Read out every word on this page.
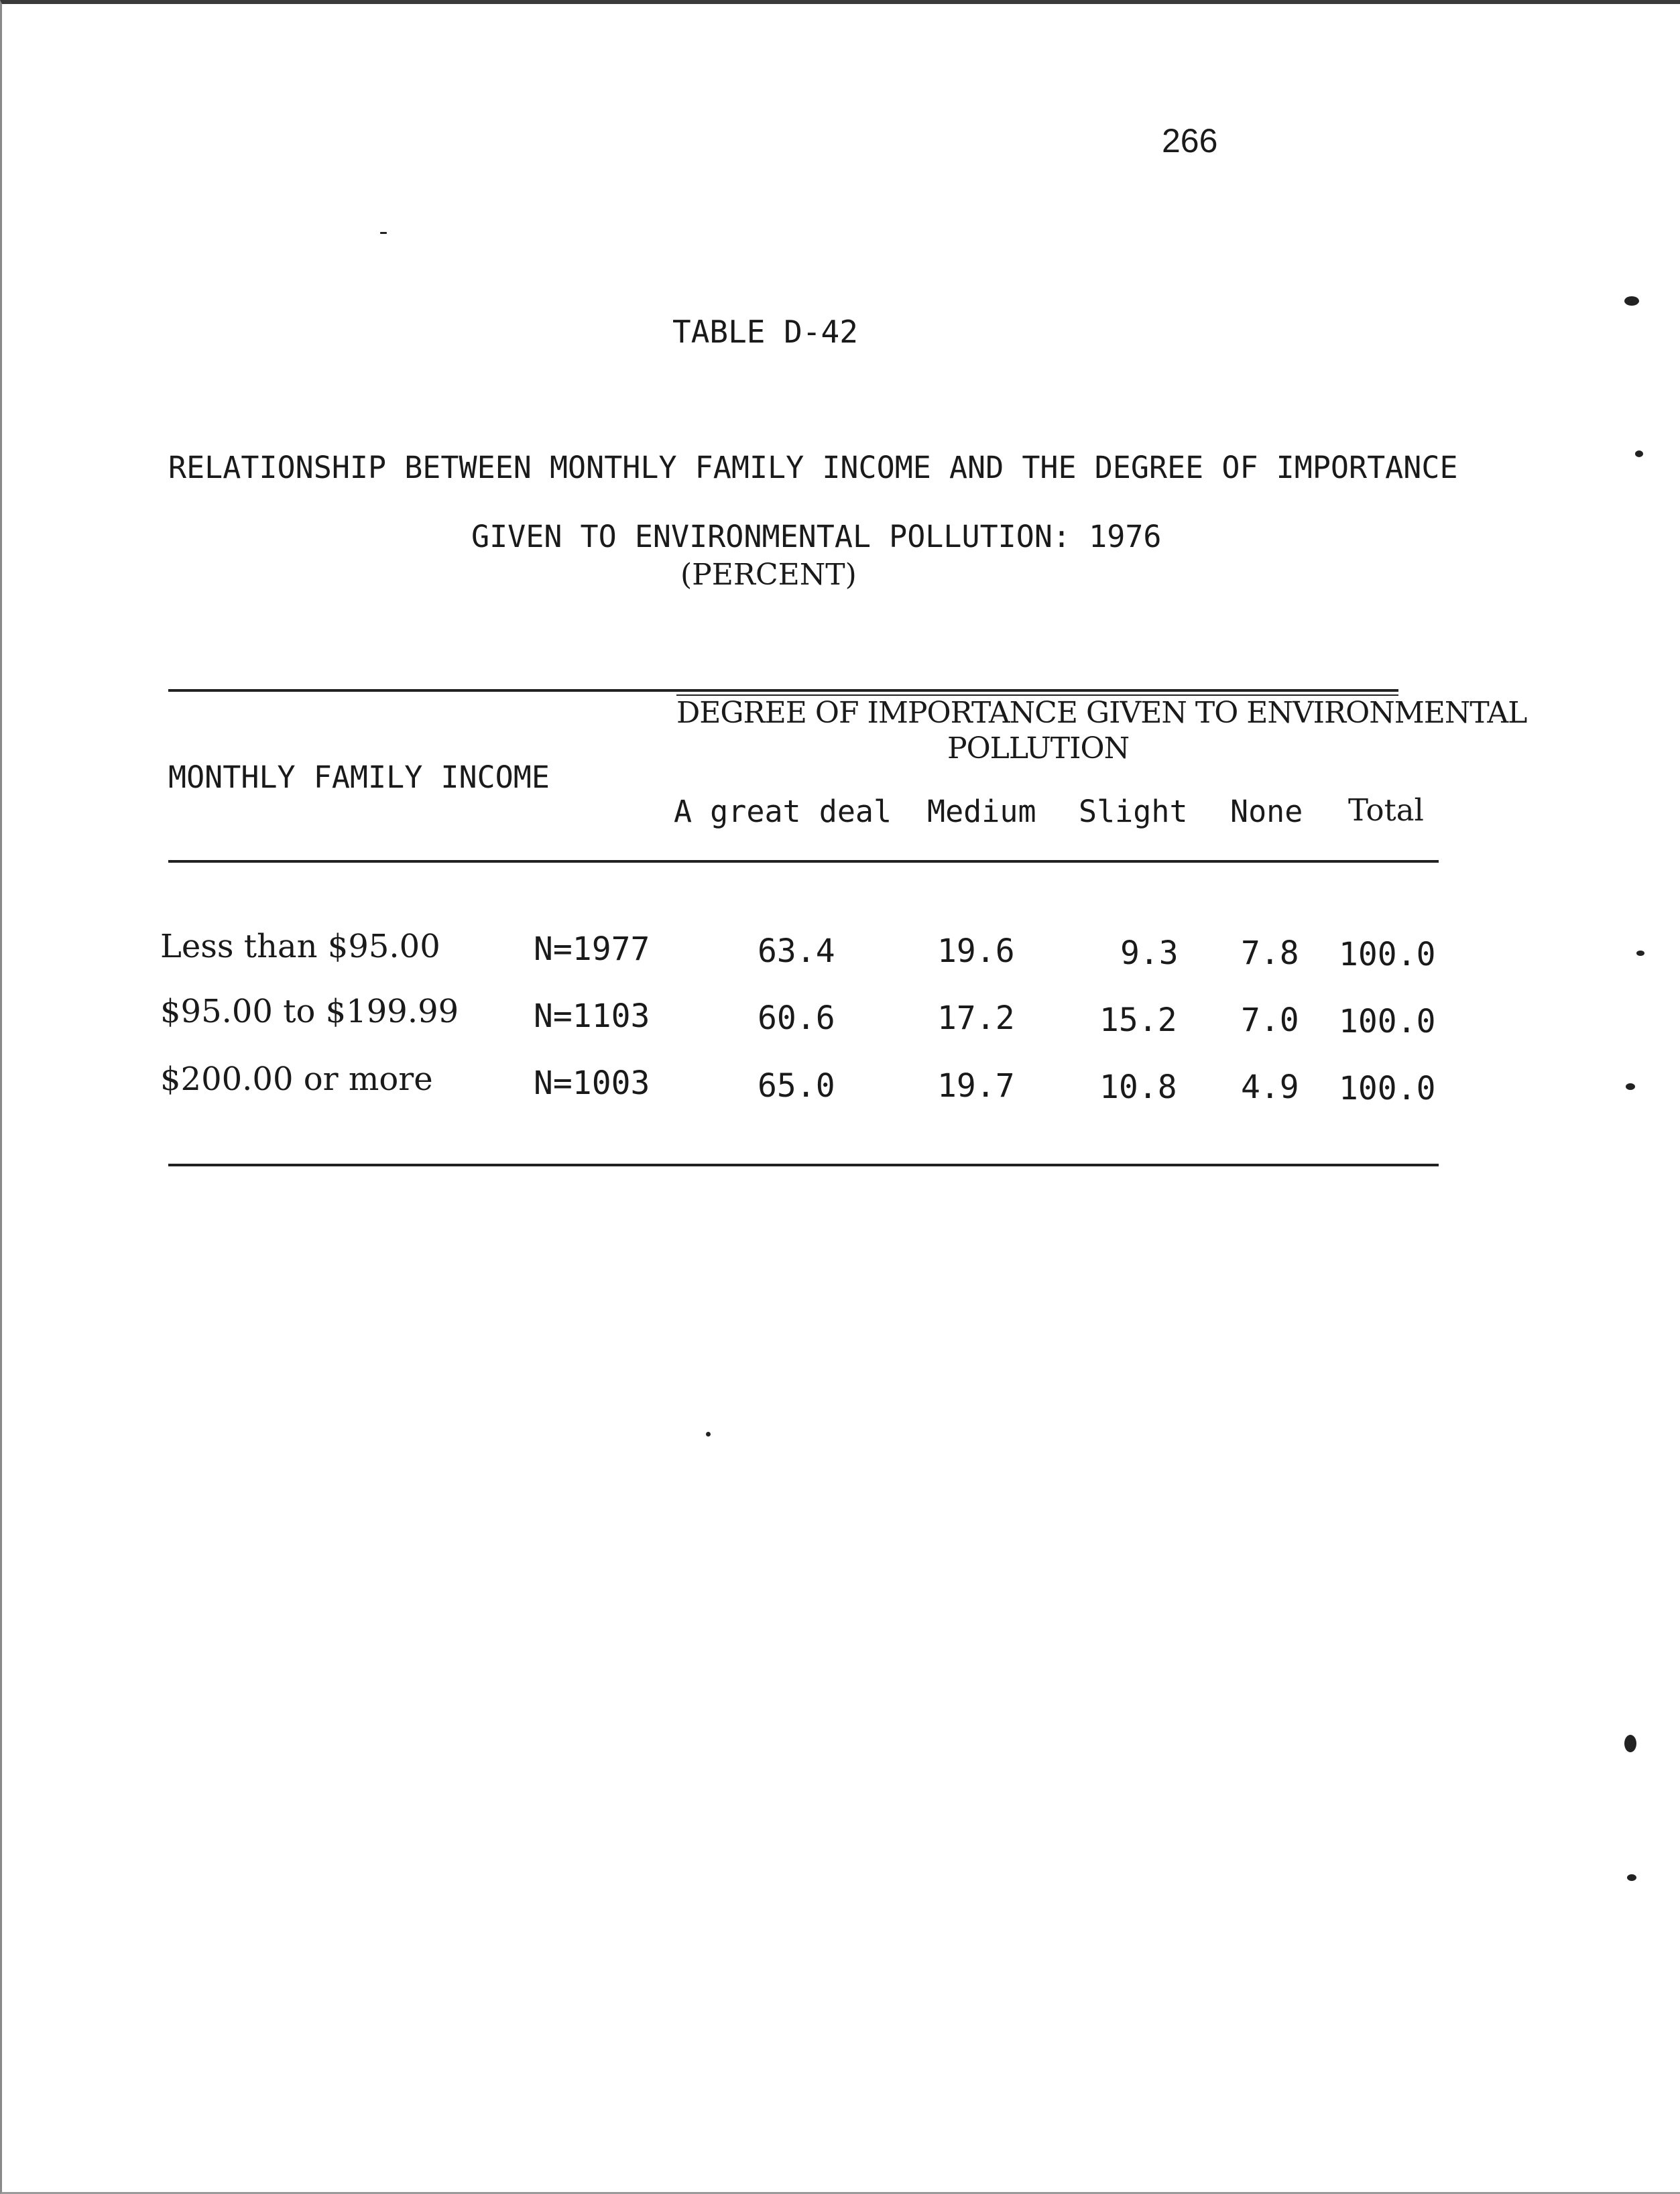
266
TABLE D-42
RELATIONSHIP BETWEEN MONTHLY FAMILY INCOME AND THE DEGREE OF IMPORTANCE
GIVEN TO ENVIRONMENTAL POLLUTION: 1976
(PERCENT)
DEGREE OF IMPORTANCE GIVEN TO ENVIRONMENTAL
POLLUTION
MONTHLY FAMILY INCOME
A great deal Medium Slight None Total
Less than $95.00	N=1977	63.4	19.6	9.3 7.8 100.0
$95.00 to $199.99 N=1103	60.6	17.2	15.2 7.0 100.0
$200.00 or more	N=1003	65.0	19.7	10.8 4.9 100.0
